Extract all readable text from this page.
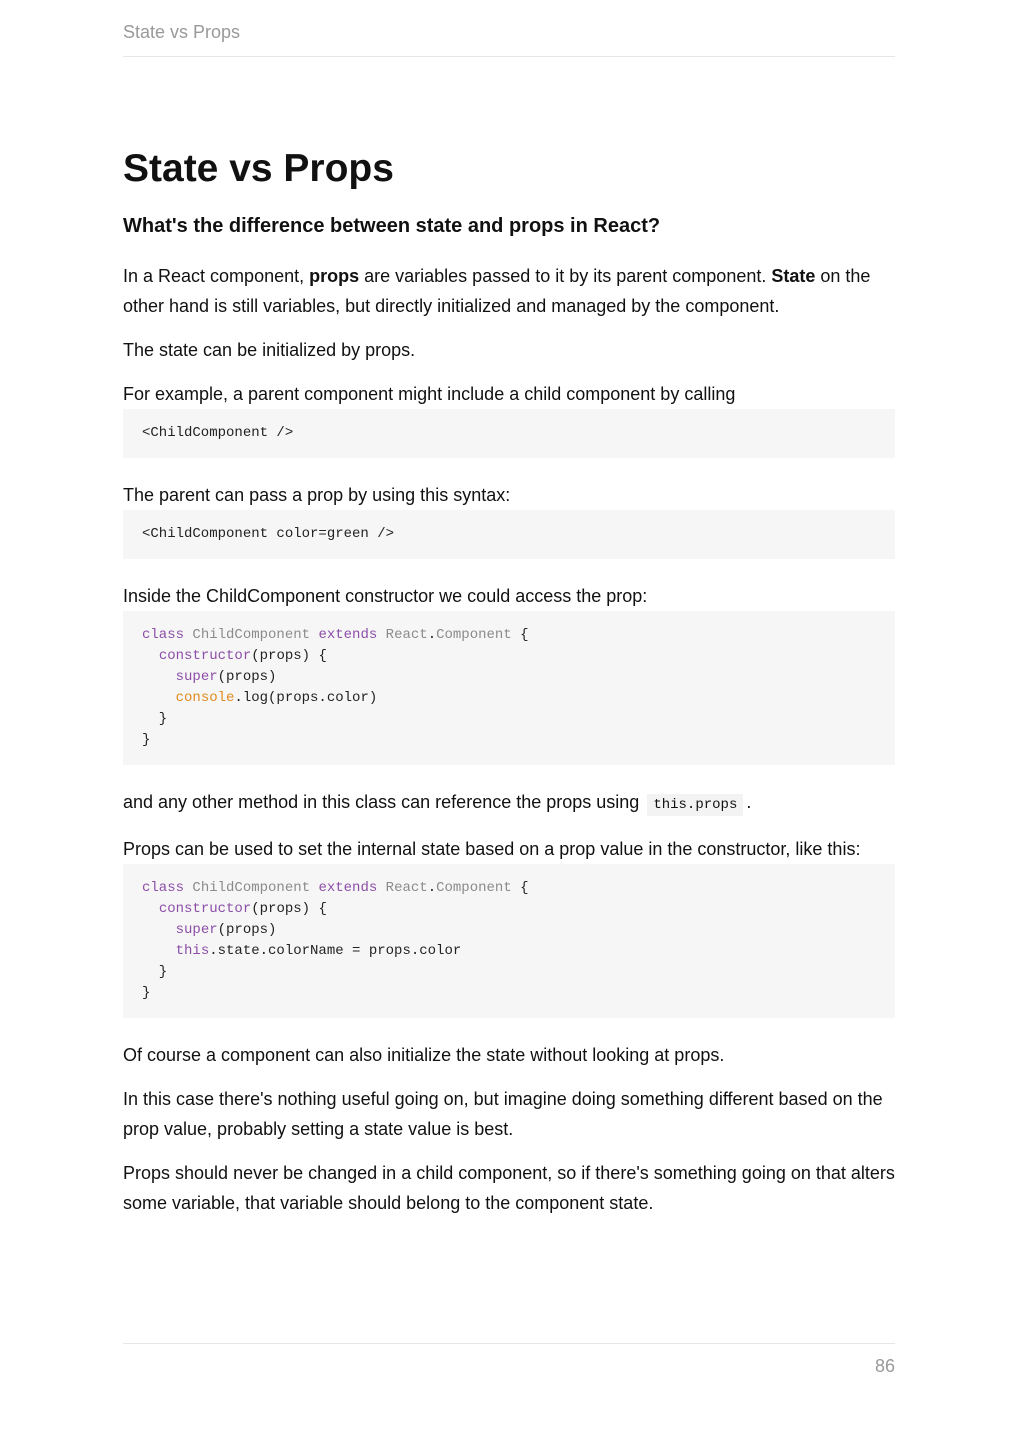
State vs Props
State vs Props
What's the difference between state and props in React?

In a React component, props are variables passed to it by its parent component. State on the other hand is still variables, but directly initialized and managed by the component.

The state can be initialized by props.

For example, a parent component might include a child component by calling

<ChildComponent />

The parent can pass a prop by using this syntax:

<ChildComponent color=green />

Inside the ChildComponent constructor we could access the prop:

class ChildComponent extends React.Component {
constructor(props) {
super(props)
console.log(props.color)
}
}

and any other method in this class can reference the props using this.props .

Props can be used to set the internal state based on a prop value in the constructor, like this:

class ChildComponent extends React.Component {
constructor(props) {
super(props)
this.state.colorName = props.color
}
}

Of course a component can also initialize the state without looking at props.

In this case there's nothing useful going on, but imagine doing something different based on the prop value, probably setting a state value is best.

Props should never be changed in a child component, so if there's something going on that alters some variable, that variable should belong to the component state.

86
